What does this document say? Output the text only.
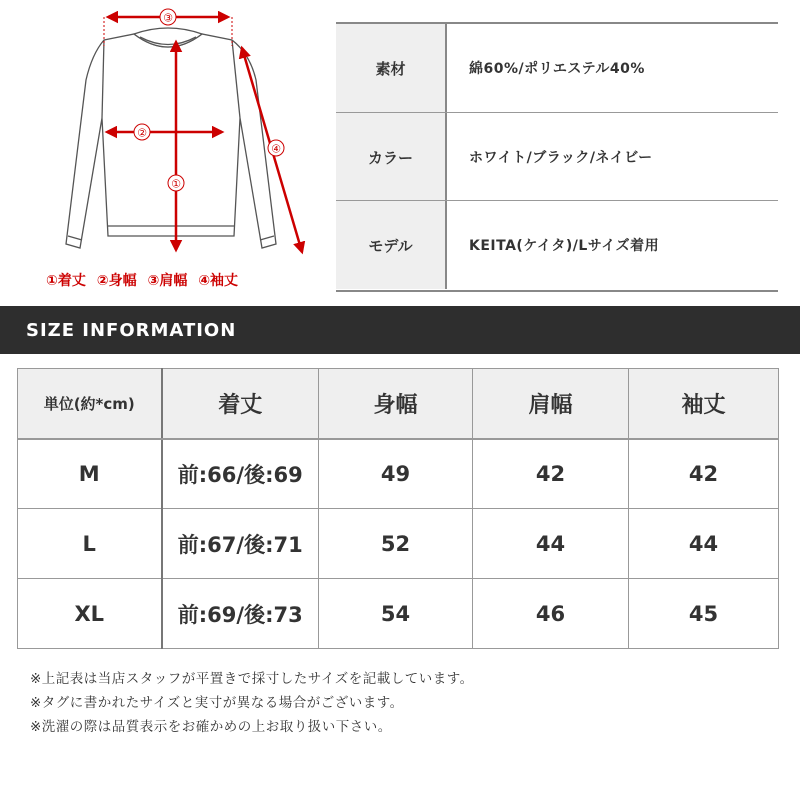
③
②
①
④
①着丈 ②身幅 ③肩幅 ④袖丈
素材	綿60%/ポリエステル40%
カラー	ホワイト/ブラック/ネイビー
モデル	KEITA(ケイタ)/Lサイズ着用
SIZE INFORMATION
単位(約*cm)	着丈	身幅	肩幅	袖丈
M	前:66/後:69	49	42	42
L	前:67/後:71	52	44	44
XL	前:69/後:73	54	46	45
※上記表は当店スタッフが平置きで採寸したサイズを記載しています。
※タグに書かれたサイズと実寸が異なる場合がございます。
※洗濯の際は品質表示をお確かめの上お取り扱い下さい。
